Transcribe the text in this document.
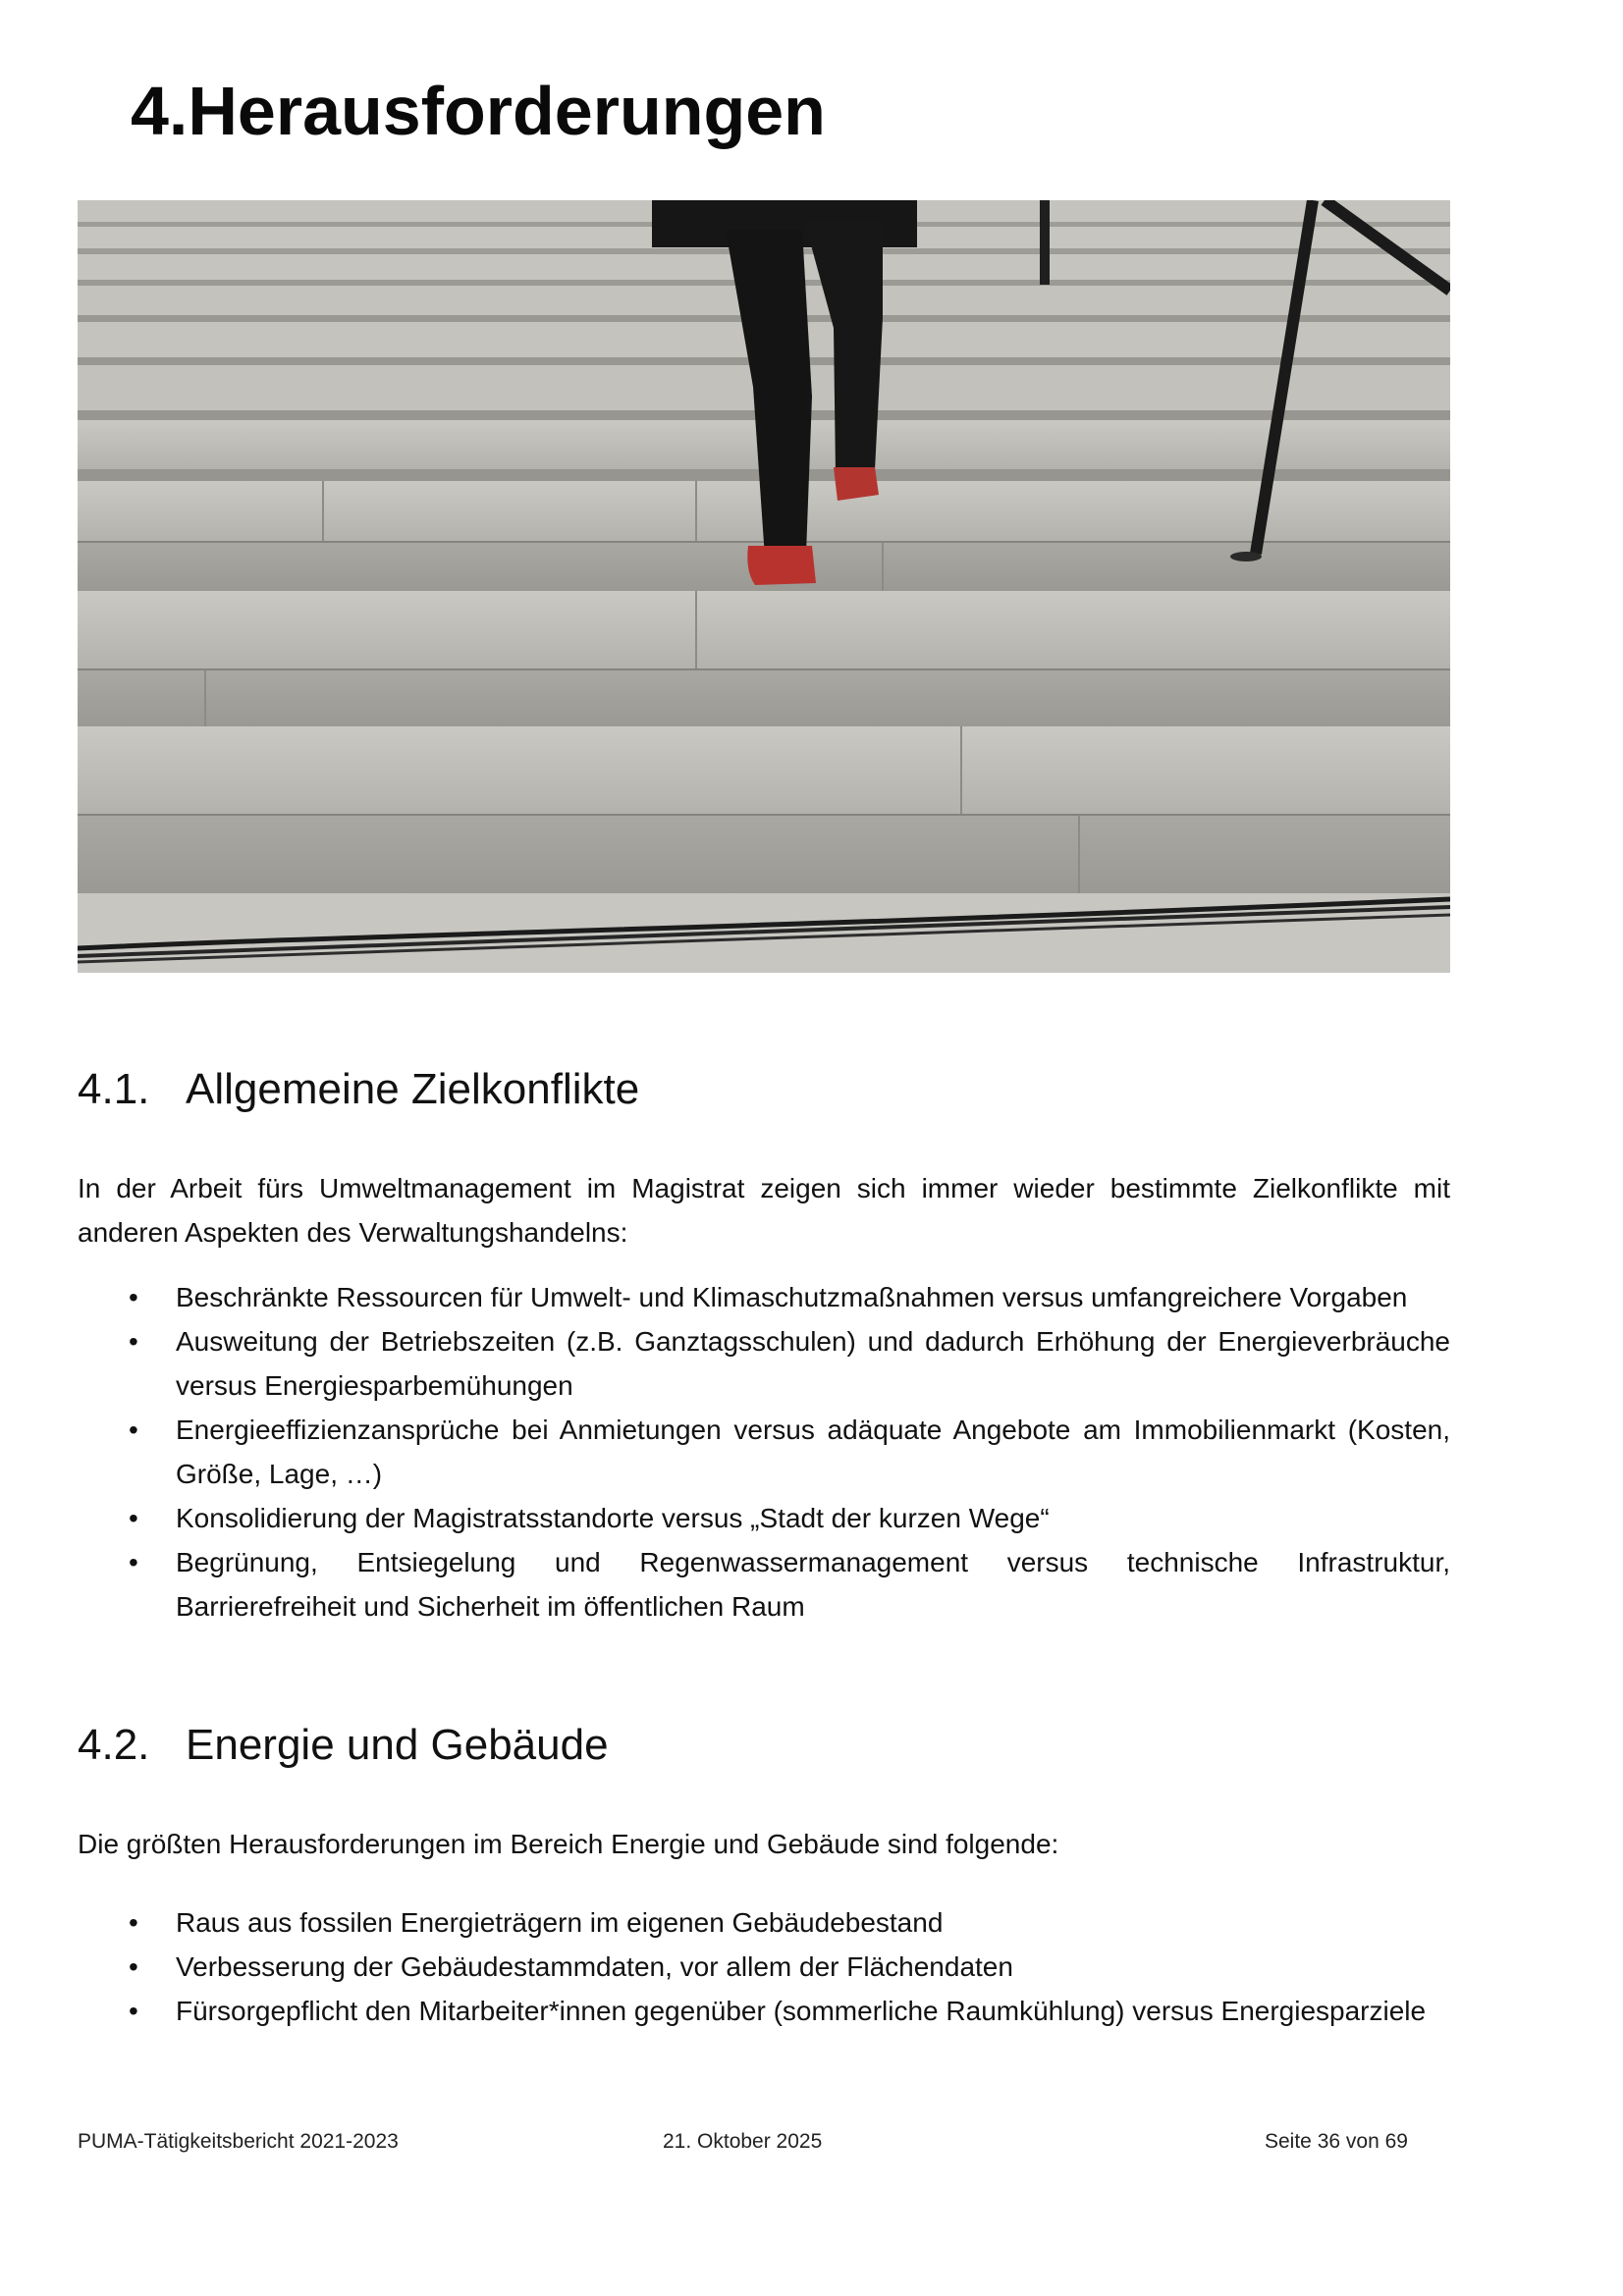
4.Herausforderungen
4.1. Allgemeine Zielkonflikte

In der Arbeit fürs Umweltmanagement im Magistrat zeigen sich immer wieder bestimmte Zielkonflikte mit anderen Aspekten des Verwaltungshandelns:

• Beschränkte Ressourcen für Umwelt- und Klimaschutzmaßnahmen versus umfangreichere Vorgaben
• Ausweitung der Betriebszeiten (z.B. Ganztagsschulen) und dadurch Erhöhung der Energieverbräuche versus Energiesparbemühungen
• Energieeffizienzansprüche bei Anmietungen versus adäquate Angebote am Immobilienmarkt (Kosten, Größe, Lage, …)
• Konsolidierung der Magistratsstandorte versus „Stadt der kurzen Wege“
• Begrünung, Entsiegelung und Regenwassermanagement versus technische Infrastruktur, Barrierefreiheit und Sicherheit im öffentlichen Raum
4.2. Energie und Gebäude

Die größten Herausforderungen im Bereich Energie und Gebäude sind folgende:

• Raus aus fossilen Energieträgern im eigenen Gebäudebestand
• Verbesserung der Gebäudestammdaten, vor allem der Flächendaten
• Fürsorgepflicht den Mitarbeiter*innen gegenüber (sommerliche Raumkühlung) versus Energiesparziele
PUMA-Tätigkeitsbericht 2021-2023	21. Oktober 2025	Seite 36 von 69
